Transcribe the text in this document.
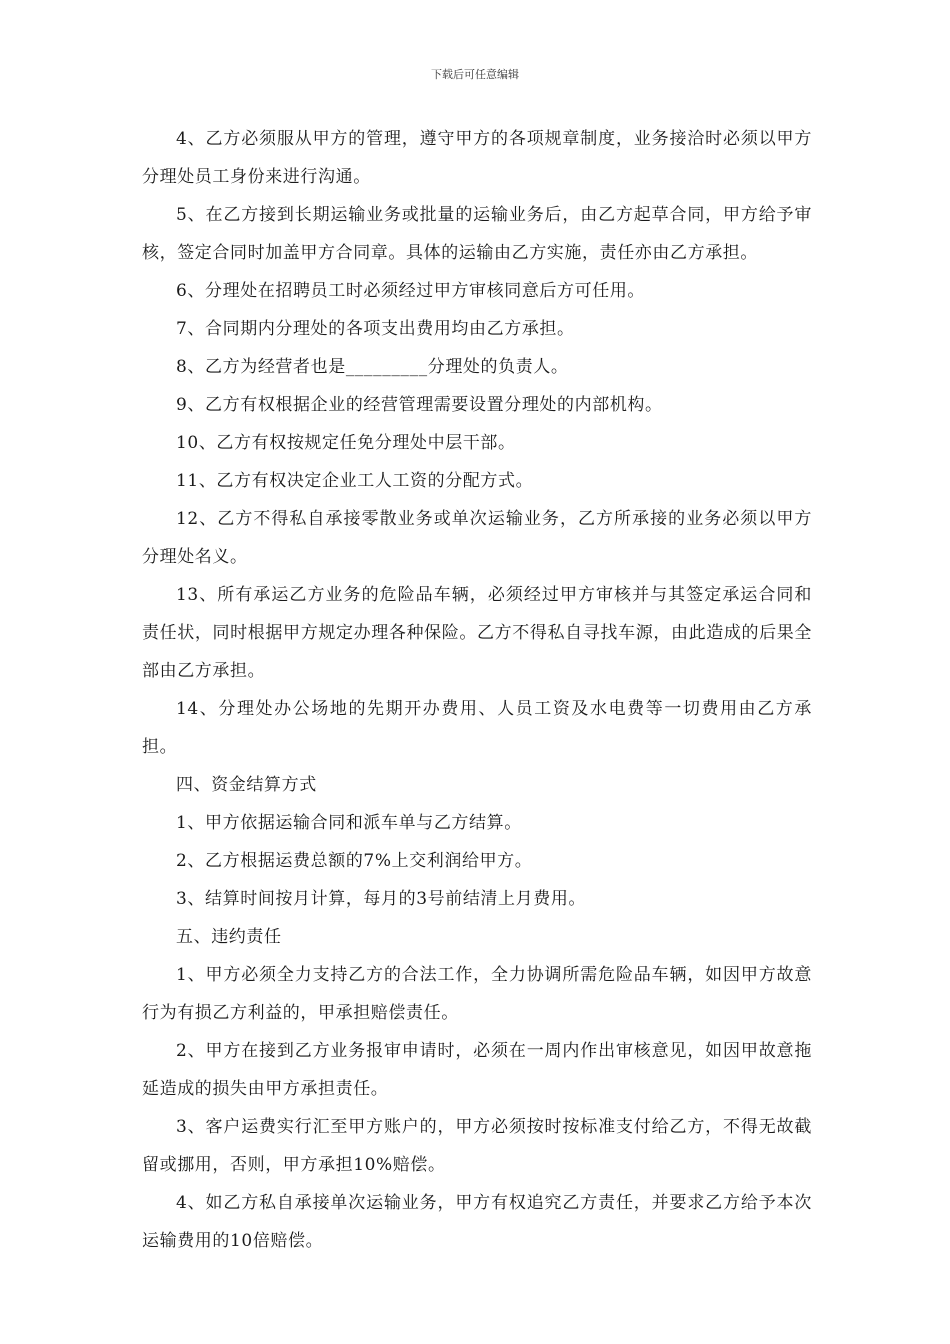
下载后可任意编辑

4、乙方必须服从甲方的管理，遵守甲方的各项规章制度，业务接洽时必须以甲方分理处员工身份来进行沟通。

5、在乙方接到长期运输业务或批量的运输业务后，由乙方起草合同，甲方给予审核，签定合同时加盖甲方合同章。具体的运输由乙方实施，责任亦由乙方承担。

6、分理处在招聘员工时必须经过甲方审核同意后方可任用。

7、合同期内分理处的各项支出费用均由乙方承担。

8、乙方为经营者也是_________分理处的负责人。

9、乙方有权根据企业的经营管理需要设置分理处的内部机构。

10、乙方有权按规定任免分理处中层干部。

11、乙方有权决定企业工人工资的分配方式。

12、乙方不得私自承接零散业务或单次运输业务，乙方所承接的业务必须以甲方分理处名义。

13、所有承运乙方业务的危险品车辆，必须经过甲方审核并与其签定承运合同和责任状，同时根据甲方规定办理各种保险。乙方不得私自寻找车源，由此造成的后果全部由乙方承担。

14、分理处办公场地的先期开办费用、人员工资及水电费等一切费用由乙方承担。

四、资金结算方式

1、甲方依据运输合同和派车单与乙方结算。

2、乙方根据运费总额的7%上交利润给甲方。

3、结算时间按月计算，每月的3号前结清上月费用。

五、违约责任

1、甲方必须全力支持乙方的合法工作，全力协调所需危险品车辆，如因甲方故意行为有损乙方利益的，甲承担赔偿责任。

2、甲方在接到乙方业务报审申请时，必须在一周内作出审核意见，如因甲故意拖延造成的损失由甲方承担责任。

3、客户运费实行汇至甲方账户的，甲方必须按时按标准支付给乙方，不得无故截留或挪用，否则，甲方承担10%赔偿。

4、如乙方私自承接单次运输业务，甲方有权追究乙方责任，并要求乙方给予本次运输费用的10倍赔偿。
